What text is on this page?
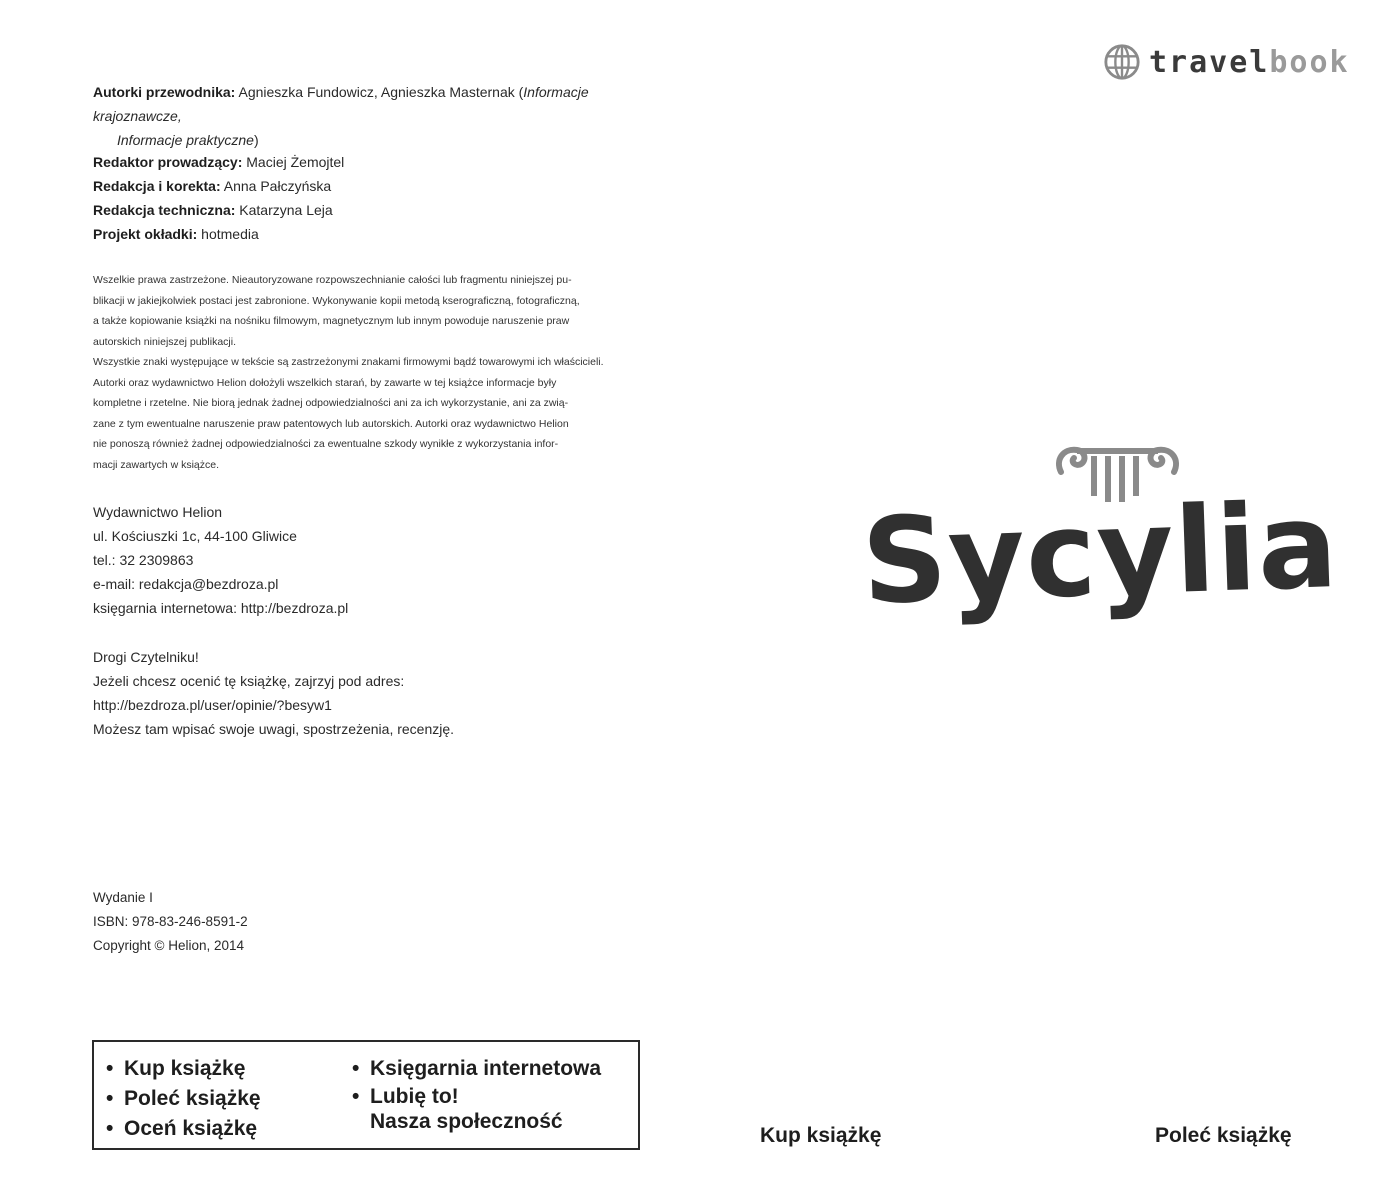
Autorki przewodnika: Agnieszka Fundowicz, Agnieszka Masternak (Informacje krajoznawcze,
Informacje praktyczne)
Redaktor prowadzący: Maciej Żemojtel
Redakcja i korekta: Anna Pałczyńska
Redakcja techniczna: Katarzyna Leja
Projekt okładki: hotmedia

Wszelkie prawa zastrzeżone. Nieautoryzowane rozpowszechnianie całości lub fragmentu niniejszej pu-

blikacji w jakiejkolwiek postaci jest zabronione. Wykonywanie kopii metodą kserograficzną, fotograficzną,

a także kopiowanie książki na nośniku filmowym, magnetycznym lub innym powoduje naruszenie praw

autorskich niniejszej publikacji.

Wszystkie znaki występujące w tekście są zastrzeżonymi znakami firmowymi bądź towarowymi ich właścicieli.

Autorki oraz wydawnictwo Helion dołożyli wszelkich starań, by zawarte w tej książce informacje były

kompletne i rzetelne. Nie biorą jednak żadnej odpowiedzialności ani za ich wykorzystanie, ani za zwią-

zane z tym ewentualne naruszenie praw patentowych lub autorskich. Autorki oraz wydawnictwo Helion

nie ponoszą również żadnej odpowiedzialności za ewentualne szkody wynikłe z wykorzystania infor-

macji zawartych w książce.

Wydawnictwo Helion
ul. Kościuszki 1c, 44-100 Gliwice
tel.: 32 2309863
e-mail: redakcja@bezdroza.pl
księgarnia internetowa: http://bezdroza.pl
Drogi Czytelniku!
Jeżeli chcesz ocenić tę książkę, zajrzyj pod adres:
http://bezdroza.pl/user/opinie/?besyw1
Możesz tam wpisać swoje uwagi, spostrzeżenia, recenzję.
Wydanie I
ISBN: 978-83-246-8591-2
Copyright © Helion, 2014
• Kup książkę
• Poleć książkę
• Oceń książkę
• Księgarnia internetowa
• Lubię to!
Nasza społeczność
travelbook
Sycylia
Kup książkę	Poleć książkę
